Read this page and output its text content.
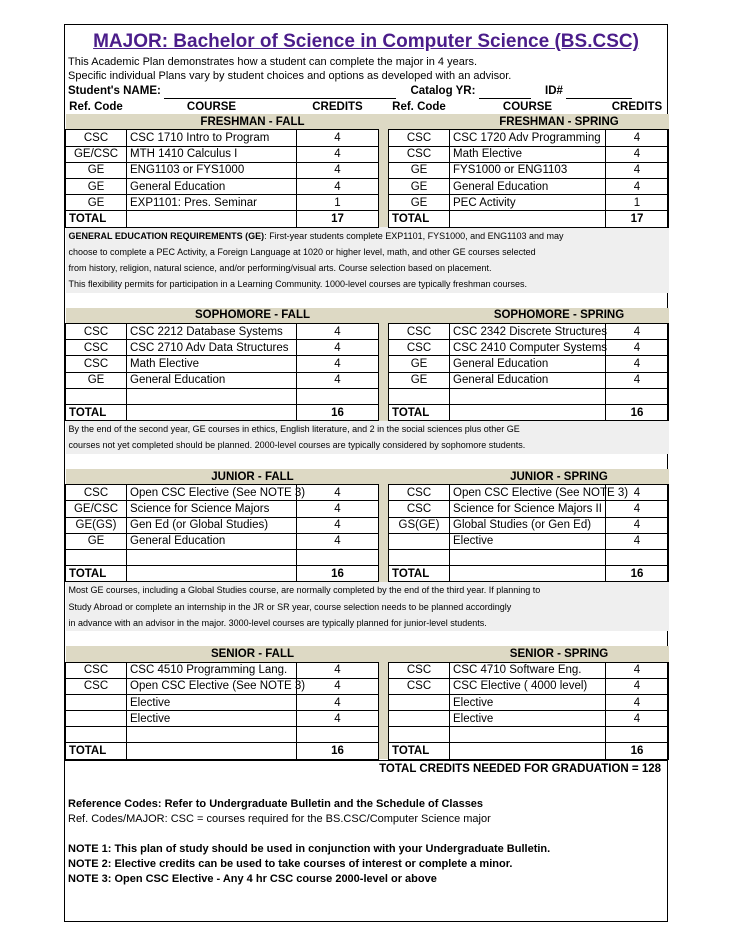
MAJOR: Bachelor of Science in Computer Science (BS.CSC)
This Academic Plan demonstrates how a student can complete the major in 4 years.
Specific individual Plans vary by student choices and options as developed with an advisor.
Student's NAME:	Catalog YR:	ID#
Ref. Code	COURSE	CREDITS		Ref. Code	COURSE	CREDITS
	FRESHMAN - FALL				FRESHMAN - SPRING	
CSC	CSC 1710 Intro to Program	4		CSC	CSC 1720 Adv Programming	4
GE/CSC	MTH 1410 Calculus I	4		CSC	Math Elective	4
GE	ENG1103 or FYS1000	4		GE	FYS1000 or ENG1103	4
GE	General Education	4		GE	General Education	4
GE	EXP1101: Pres. Seminar	1		GE	PEC Activity	1
TOTAL		17		TOTAL		17

GENERAL EDUCATION REQUIREMENTS (GE): First-year students complete EXP1101, FYS1000, and ENG1103 and may
choose to complete a PEC Activity, a Foreign Language at 1020 or higher level, math, and other GE courses selected
from history, religion, natural science, and/or performing/visual arts. Course selection based on placement.
This flexibility permits for participation in a Learning Community. 1000-level courses are typically freshman courses.						

	SOPHOMORE - FALL				SOPHOMORE - SPRING	
CSC	CSC 2212 Database Systems	4		CSC	CSC 2342 Discrete Structures	4
CSC	CSC 2710 Adv Data Structures	4		CSC	CSC 2410 Computer Systems	4
CSC	Math Elective	4		GE	General Education	4
GE	General Education	4		GE	General Education	4

TOTAL		16		TOTAL		16

By the end of the second year, GE courses in ethics, English literature, and 2 in the social sciences plus other GE
courses not yet completed should be planned. 2000-level courses are typically considered by sophomore students.						

	JUNIOR - FALL				JUNIOR - SPRING	
CSC	Open CSC Elective (See NOTE 3)	4		CSC	Open CSC Elective (See NOTE 3)	4
GE/CSC	Science for Science Majors	4		CSC	Science for Science Majors II	4
GE(GS)	Gen Ed (or Global Studies)	4		GS(GE)	Global Studies (or Gen Ed)	4
GE	General Education	4			Elective	4

TOTAL		16		TOTAL		16

Most GE courses, including a Global Studies course, are normally completed by the end of the third year. If planning to
Study Abroad or complete an internship in the JR or SR year, course selection needs to be planned accordingly
in advance with an advisor in the major. 3000-level courses are typically planned for junior-level students.						

	SENIOR - FALL				SENIOR - SPRING	
CSC	CSC 4510 Programming Lang.	4		CSC	CSC 4710 Software Eng.	4
CSC	Open CSC Elective (See NOTE 3)	4		CSC	CSC Elective ( 4000 level)	4
	Elective	4			Elective	4
	Elective	4			Elective	4

TOTAL		16		TOTAL		16
TOTAL CREDITS NEEDED FOR GRADUATION = 128
Reference Codes: Refer to Undergraduate Bulletin and the Schedule of Classes
Ref. Codes/MAJOR: CSC = courses required for the BS.CSC/Computer Science major
NOTE 1: This plan of study should be used in conjunction with your Undergraduate Bulletin.
NOTE 2: Elective credits can be used to take courses of interest or complete a minor.
NOTE 3: Open CSC Elective - Any 4 hr CSC course 2000-level or above
